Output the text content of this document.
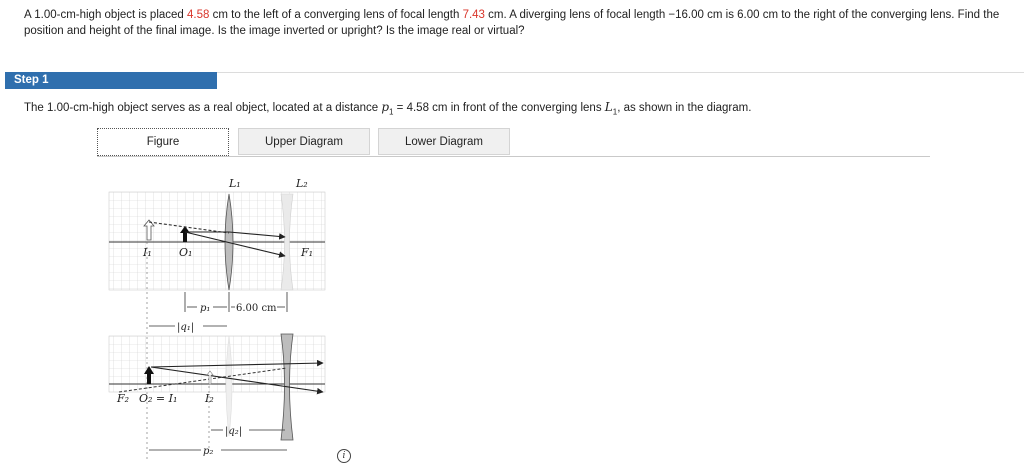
A 1.00-cm-high object is placed 4.58 cm to the left of a converging lens of focal length 7.43 cm. A diverging lens of focal length −16.00 cm is 6.00 cm to the right of the converging lens. Find the position and height of the final image. Is the image inverted or upright? Is the image real or virtual?
Step 1
The 1.00-cm-high object serves as a real object, located at a distance $p_1 = 4.58$ cm in front of the converging lens $L_1$, as shown in the diagram.
Figure	Upper Diagram	Lower Diagram
L₁	L₂
I₁ O₁	F₁
p₁	6.00 cm
|q₁|
F₂ O₂ = I₁	I₂
|q₂|
p₂	i
